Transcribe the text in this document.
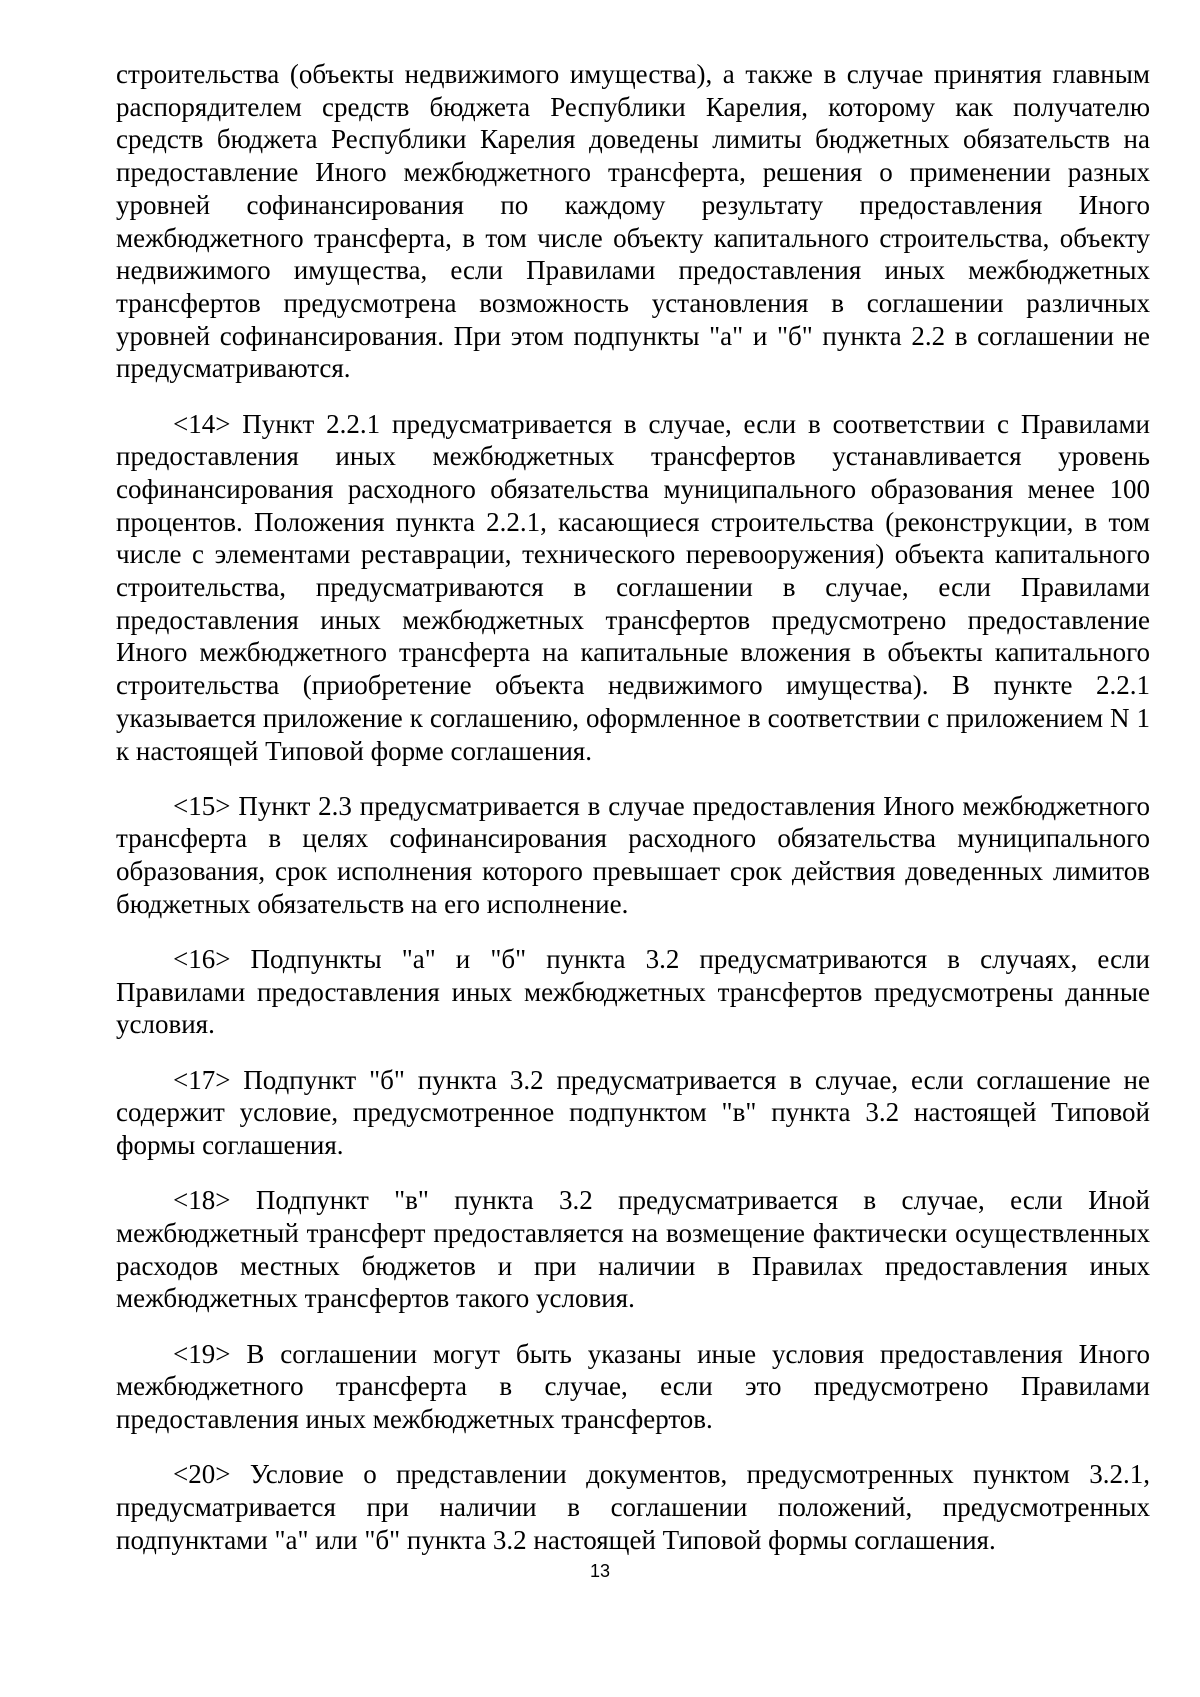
строительства (объекты недвижимого имущества), а также в случае принятия главным распорядителем средств бюджета Республики Карелия, которому как получателю средств бюджета Республики Карелия доведены лимиты бюджетных обязательств на предоставление Иного межбюджетного трансферта, решения о применении разных уровней софинансирования по каждому результату предоставления Иного межбюджетного трансферта, в том числе объекту капитального строительства, объекту недвижимого имущества, если Правилами предоставления иных межбюджетных трансфертов предусмотрена возможность установления в соглашении различных уровней софинансирования. При этом подпункты "а" и "б" пункта 2.2 в соглашении не предусматриваются.

<14> Пункт 2.2.1 предусматривается в случае, если в соответствии с Правилами предоставления иных межбюджетных трансфертов устанавливается уровень софинансирования расходного обязательства муниципального образования менее 100 процентов. Положения пункта 2.2.1, касающиеся строительства (реконструкции, в том числе с элементами реставрации, технического перевооружения) объекта капитального строительства, предусматриваются в соглашении в случае, если Правилами предоставления иных межбюджетных трансфертов предусмотрено предоставление Иного межбюджетного трансферта на капитальные вложения в объекты капитального строительства (приобретение объекта недвижимого имущества). В пункте 2.2.1 указывается приложение к соглашению, оформленное в соответствии с приложением N 1 к настоящей Типовой форме соглашения.

<15> Пункт 2.3 предусматривается в случае предоставления Иного межбюджетного трансферта в целях софинансирования расходного обязательства муниципального образования, срок исполнения которого превышает срок действия доведенных лимитов бюджетных обязательств на его исполнение.

<16> Подпункты "а" и "б" пункта 3.2 предусматриваются в случаях, если Правилами предоставления иных межбюджетных трансфертов предусмотрены данные условия.

<17> Подпункт "б" пункта 3.2 предусматривается в случае, если соглашение не содержит условие, предусмотренное подпунктом "в" пункта 3.2 настоящей Типовой формы соглашения.

<18> Подпункт "в" пункта 3.2 предусматривается в случае, если Иной межбюджетный трансферт предоставляется на возмещение фактически осуществленных расходов местных бюджетов и при наличии в Правилах предоставления иных межбюджетных трансфертов такого условия.

<19> В соглашении могут быть указаны иные условия предоставления Иного межбюджетного трансферта в случае, если это предусмотрено Правилами предоставления иных межбюджетных трансфертов.

<20> Условие о представлении документов, предусмотренных пунктом 3.2.1, предусматривается при наличии в соглашении положений, предусмотренных подпунктами "а" или "б" пункта 3.2 настоящей Типовой формы соглашения.

13
